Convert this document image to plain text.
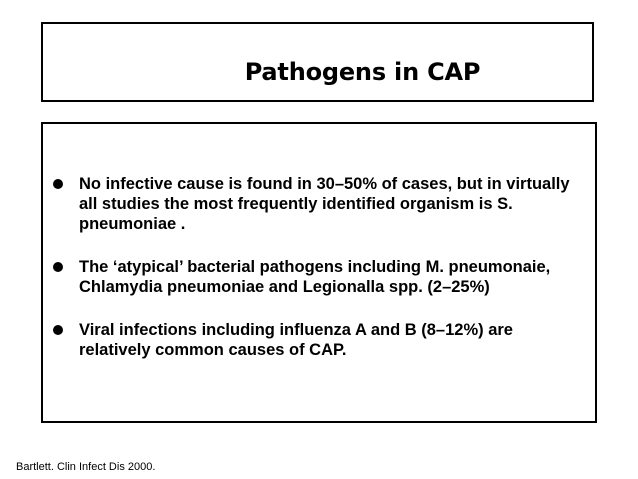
Pathogens in CAP
No infective cause is found in 30–50% of cases, but in virtually all studies the most frequently identified organism is S. pneumoniae .
The ‘atypical’ bacterial pathogens including M. pneumonaie, Chlamydia pneumoniae and Legionalla spp. (2–25%)
Viral infections including influenza A and B (8–12%) are relatively common causes of CAP.
Bartlett. Clin Infect Dis 2000.
